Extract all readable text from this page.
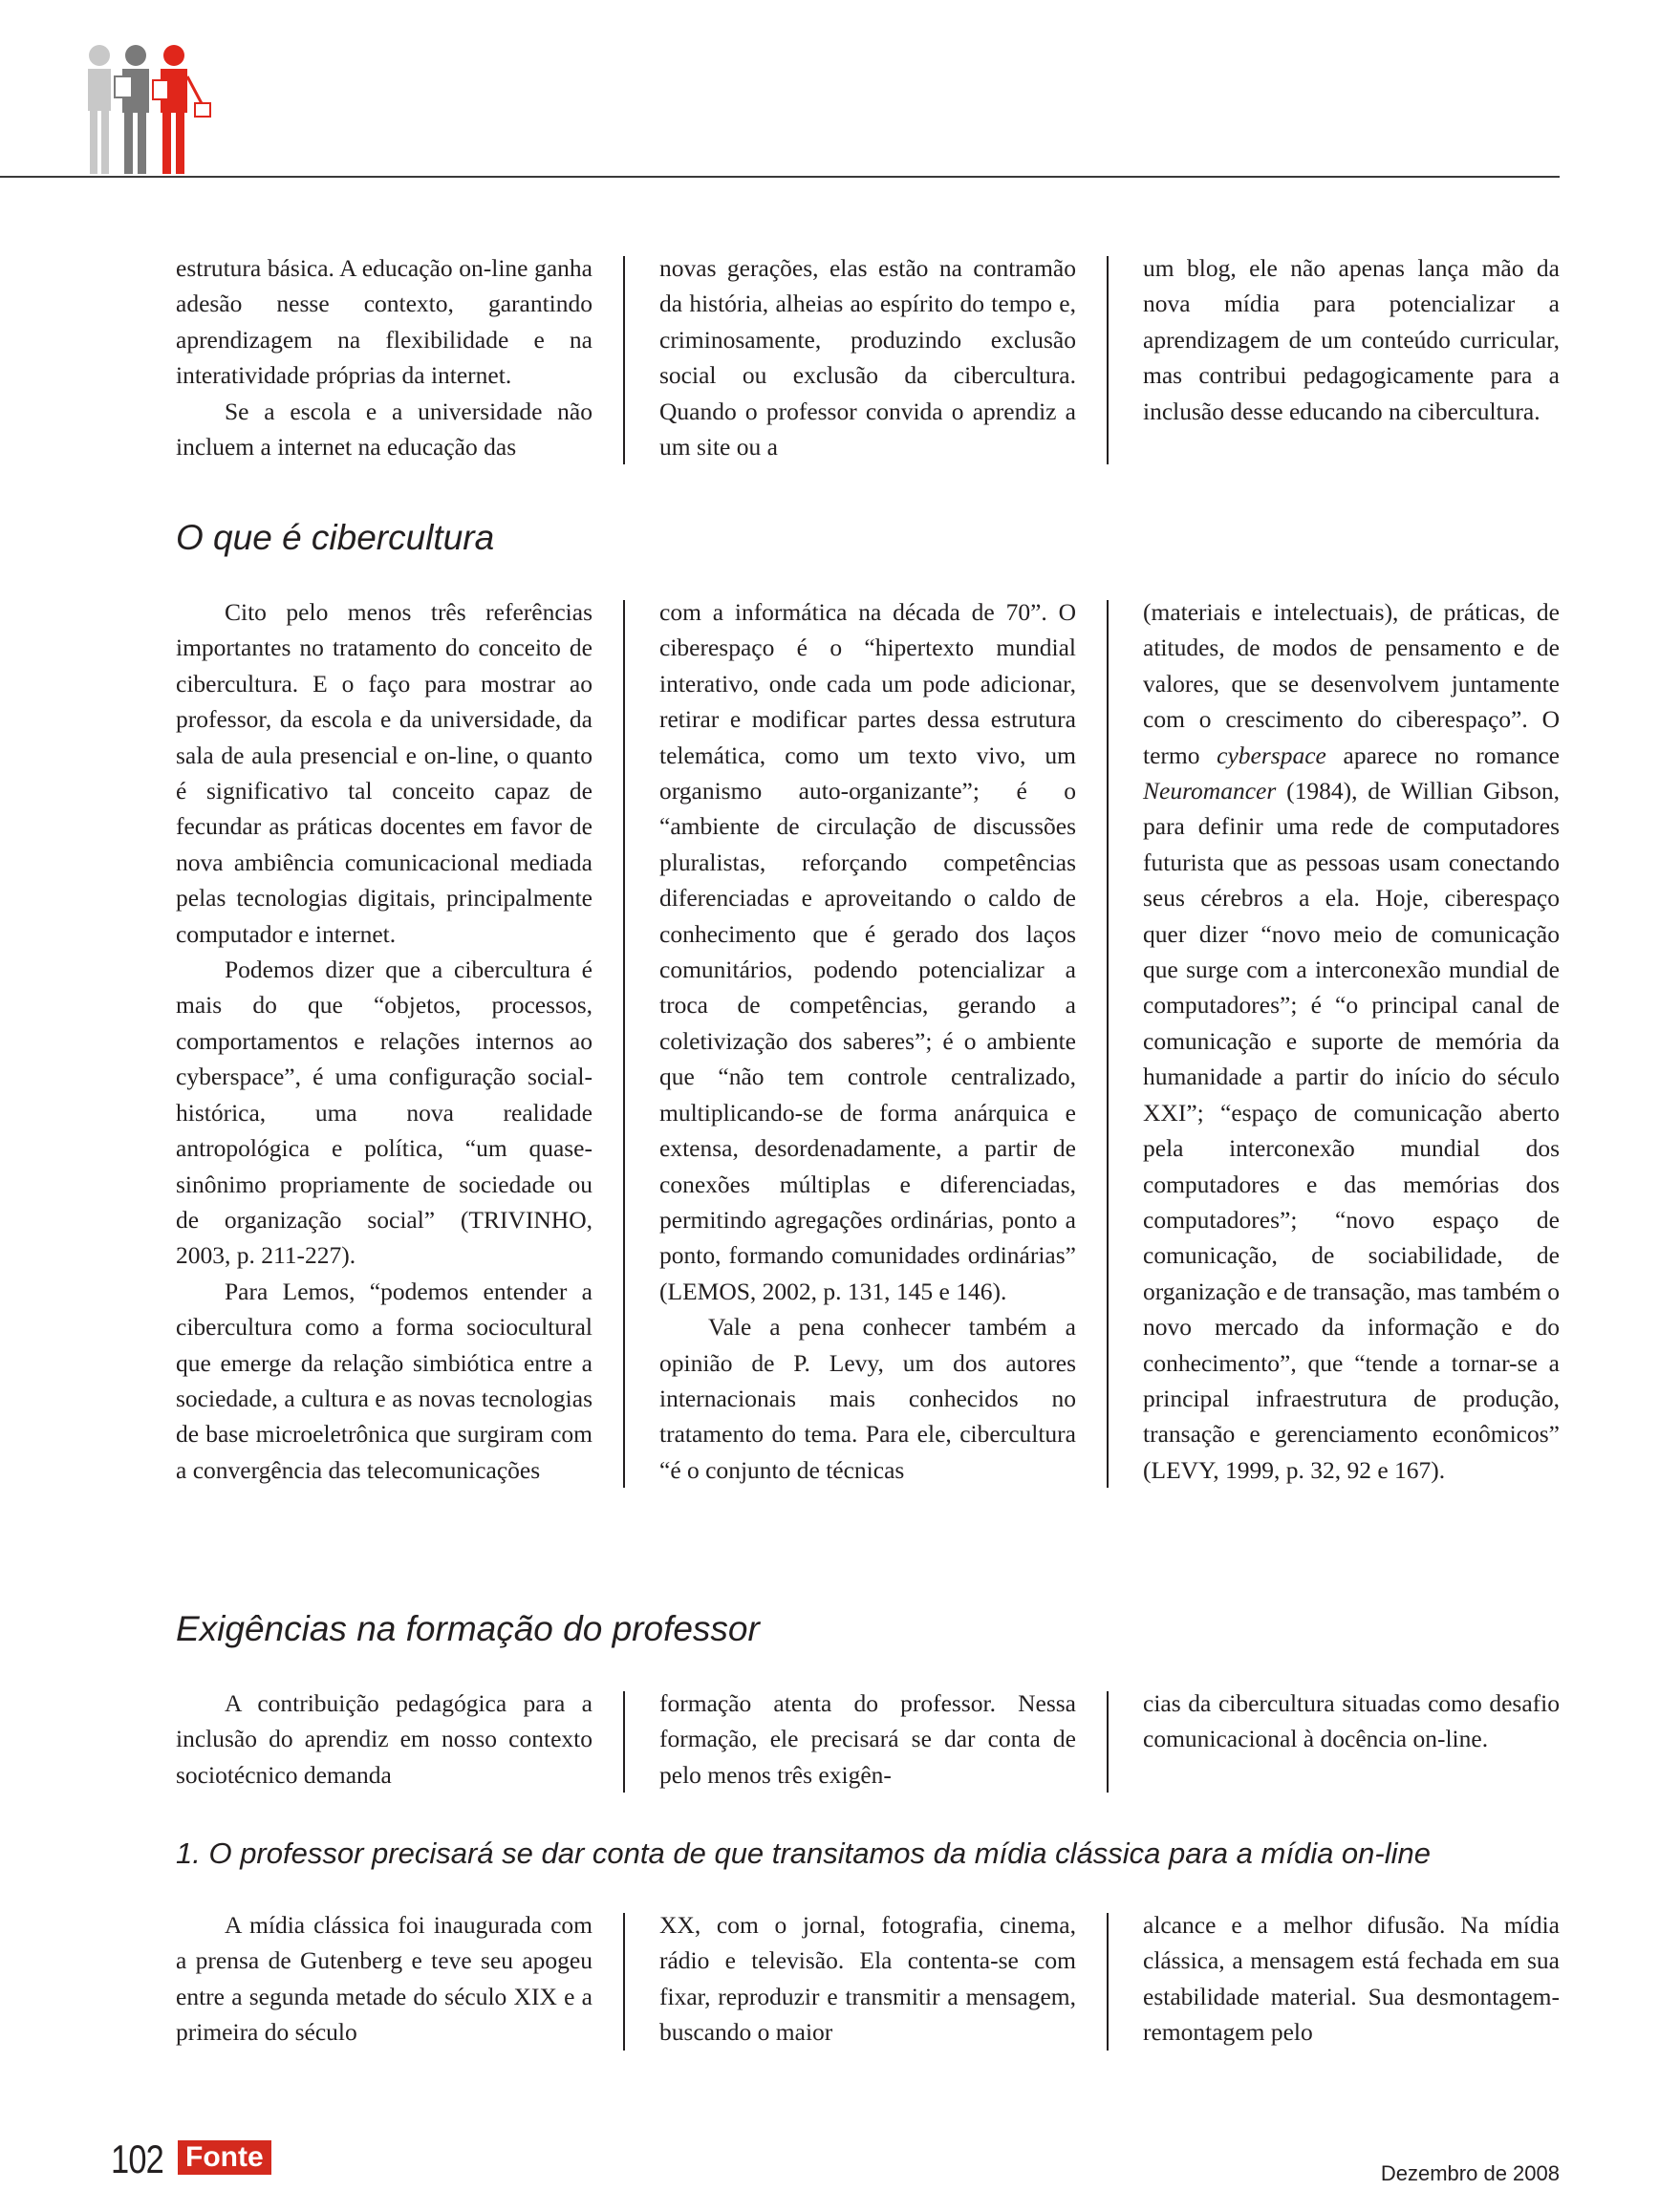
estrutura básica. A educação on-line ganha adesão nesse contexto, garantindo aprendizagem na flexibilidade e na interatividade próprias da internet.

Se a escola e a universidade não incluem a internet na educação das

novas gerações, elas estão na contramão da história, alheias ao espírito do tempo e, criminosamente, produzindo exclusão social ou exclusão da cibercultura. Quando o professor convida o aprendiz a um site ou a

um blog, ele não apenas lança mão da nova mídia para potencializar a aprendizagem de um conteúdo curricular, mas contribui pedagogicamente para a inclusão desse educando na cibercultura.

O que é cibercultura

Cito pelo menos três referências importantes no tratamento do conceito de cibercultura. E o faço para mostrar ao professor, da escola e da universidade, da sala de aula presencial e on-line, o quanto é significativo tal conceito capaz de fecundar as práticas docentes em favor de nova ambiência comunicacional mediada pelas tecnologias digitais, principalmente computador e internet.

Podemos dizer que a cibercultura é mais do que “objetos, processos, comportamentos e relações internos ao cyberspace”, é uma configuração social-histórica, uma nova realidade antropológica e política, “um quase-sinônimo propriamente de sociedade ou de organização social” (TRIVINHO, 2003, p. 211-227).

Para Lemos, “podemos entender a cibercultura como a forma sociocultural que emerge da relação simbiótica entre a sociedade, a cultura e as novas tecnologias de base microeletrônica que surgiram com a convergência das telecomunicações

com a informática na década de 70”. O ciberespaço é o “hipertexto mundial interativo, onde cada um pode adicionar, retirar e modificar partes dessa estrutura telemática, como um texto vivo, um organismo auto-organizante”; é o “ambiente de circulação de discussões pluralistas, reforçando competências diferenciadas e aproveitando o caldo de conhecimento que é gerado dos laços comunitários, podendo potencializar a troca de competências, gerando a coletivização dos saberes”; é o ambiente que “não tem controle centralizado, multiplicando-se de forma anárquica e extensa, desordenadamente, a partir de conexões múltiplas e diferenciadas, permitindo agregações ordinárias, ponto a ponto, formando comunidades ordinárias” (LEMOS, 2002, p. 131, 145 e 146).

Vale a pena conhecer também a opinião de P. Levy, um dos autores internacionais mais conhecidos no tratamento do tema. Para ele, cibercultura “é o conjunto de técnicas

(materiais e intelectuais), de práticas, de atitudes, de modos de pensamento e de valores, que se desenvolvem juntamente com o crescimento do ciberespaço”. O termo cyberspace aparece no romance Neuromancer (1984), de Willian Gibson, para definir uma rede de computadores futurista que as pessoas usam conectando seus cérebros a ela. Hoje, ciberespaço quer dizer “novo meio de comunicação que surge com a interconexão mundial de computadores”; é “o principal canal de comunicação e suporte de memória da humanidade a partir do início do século XXI”; “espaço de comunicação aberto pela interconexão mundial dos computadores e das memórias dos computadores”; “novo espaço de comunicação, de sociabilidade, de organização e de transação, mas também o novo mercado da informação e do conhecimento”, que “tende a tornar-se a principal infraestrutura de produção, transação e gerenciamento econômicos” (LEVY, 1999, p. 32, 92 e 167).

Exigências na formação do professor

A contribuição pedagógica para a inclusão do aprendiz em nosso contexto sociotécnico demanda

formação atenta do professor. Nessa formação, ele precisará se dar conta de pelo menos três exigên-

cias da cibercultura situadas como desafio comunicacional à docência on-line.

1. O professor precisará se dar conta de que transitamos da mídia clássica para a mídia on-line

A mídia clássica foi inaugurada com a prensa de Gutenberg e teve seu apogeu entre a segunda metade do século XIX e a primeira do século

XX, com o jornal, fotografia, cinema, rádio e televisão. Ela contenta-se com fixar, reproduzir e transmitir a mensagem, buscando o maior

alcance e a melhor difusão. Na mídia clássica, a mensagem está fechada em sua estabilidade material. Sua desmontagem-remontagem pelo

102 Fonte
Dezembro de 2008
